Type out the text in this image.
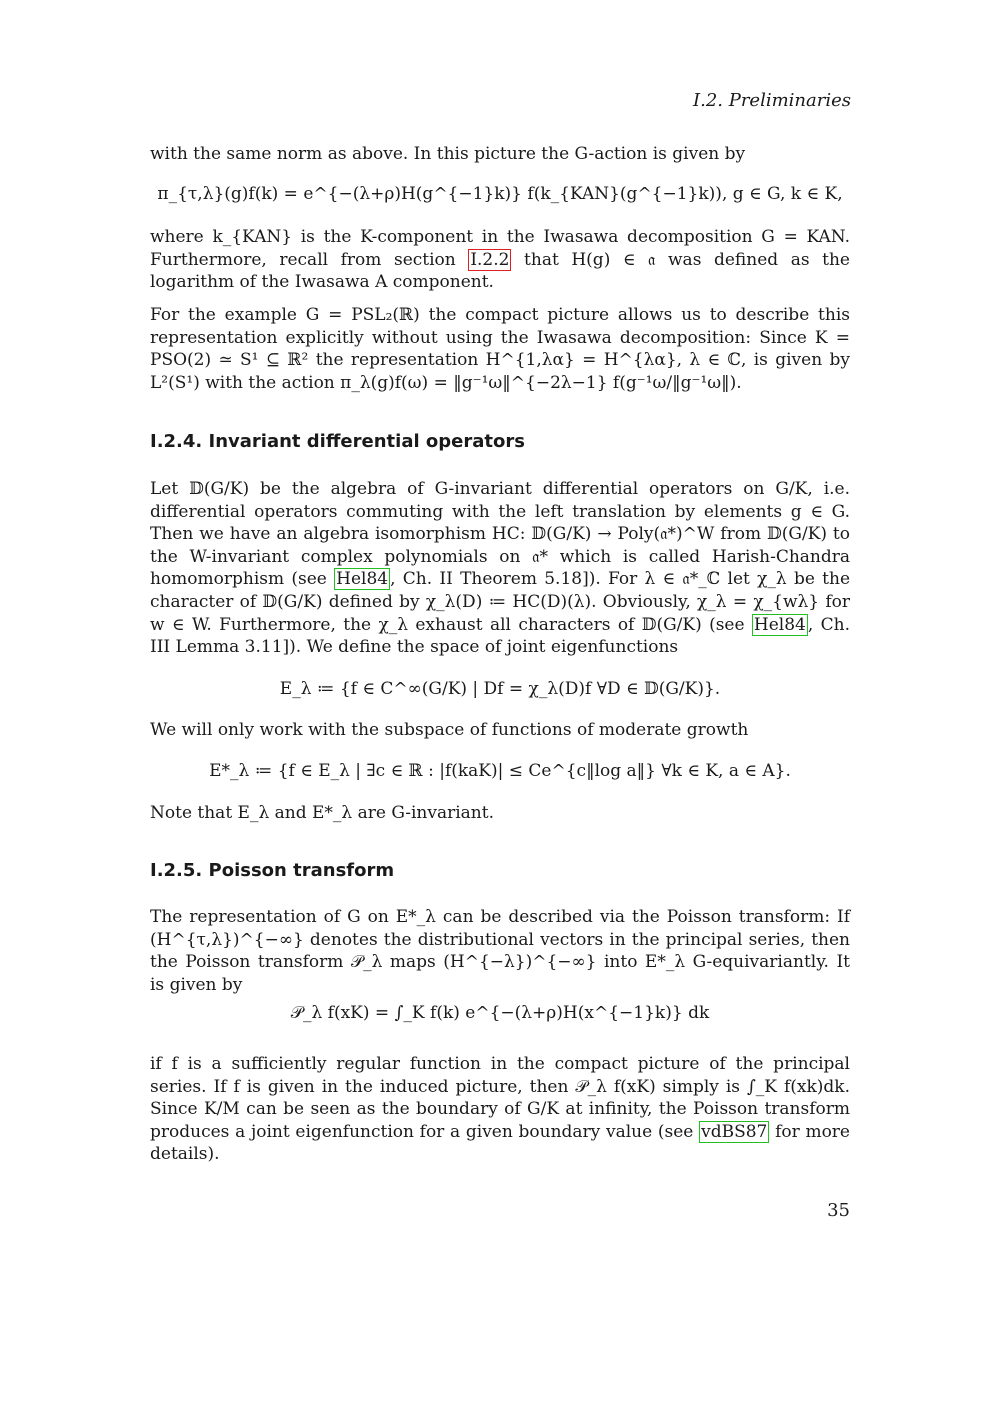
I.2. Preliminaries

with the same norm as above. In this picture the G-action is given by

π_{τ,λ}(g)f(k) = e^{−(λ+ρ)H(g^{−1}k)} f(k_{KAN}(g^{−1}k)), g ∈ G, k ∈ K,

where k_{KAN} is the K-component in the Iwasawa decomposition G = KAN. Furthermore, recall from section I.2.2 that H(g) ∈ 𝔞 was defined as the logarithm of the Iwasawa A component.

For the example G = PSL₂(ℝ) the compact picture allows us to describe this representation explicitly without using the Iwasawa decomposition: Since K = PSO(2) ≃ S¹ ⊆ ℝ² the representation H^{1,λα} = H^{λα}, λ ∈ ℂ, is given by L²(S¹) with the action π_λ(g)f(ω) = ‖g⁻¹ω‖^{−2λ−1} f(g⁻¹ω/‖g⁻¹ω‖).

I.2.4. Invariant differential operators

Let 𝔻(G/K) be the algebra of G-invariant differential operators on G/K, i.e. differential operators commuting with the left translation by elements g ∈ G. Then we have an algebra isomorphism HC: 𝔻(G/K) → Poly(𝔞*)^W from 𝔻(G/K) to the W-invariant complex polynomials on 𝔞* which is called Harish-Chandra homomorphism (see Hel84 , Ch. II Theorem 5.18]). For λ ∈ 𝔞*_ℂ let χ_λ be the character of 𝔻(G/K) defined by χ_λ(D) ≔ HC(D)(λ). Obviously, χ_λ = χ_{wλ} for w ∈ W. Furthermore, the χ_λ exhaust all characters of 𝔻(G/K) (see Hel84 , Ch. III Lemma 3.11]). We define the space of joint eigenfunctions

E_λ ≔ {f ∈ C^∞(G/K) | Df = χ_λ(D)f ∀D ∈ 𝔻(G/K)}.

We will only work with the subspace of functions of moderate growth

E*_λ ≔ {f ∈ E_λ | ∃c ∈ ℝ : |f(kaK)| ≤ Ce^{c‖log a‖} ∀k ∈ K, a ∈ A}.

Note that E_λ and E*_λ are G-invariant.

I.2.5. Poisson transform

The representation of G on E*_λ can be described via the Poisson transform: If (H^{τ,λ})^{−∞} denotes the distributional vectors in the principal series, then the Poisson transform 𝒫_λ maps (H^{−λ})^{−∞} into E*_λ G-equivariantly. It is given by

𝒫_λ f(xK) = ∫_K f(k) e^{−(λ+ρ)H(x^{−1}k)} dk

if f is a sufficiently regular function in the compact picture of the principal series. If f is given in the induced picture, then 𝒫_λ f(xK) simply is ∫_K f(xk)dk. Since K/M can be seen as the boundary of G/K at infinity, the Poisson transform produces a joint eigenfunction for a given boundary value (see vdBS87 for more details).

35
